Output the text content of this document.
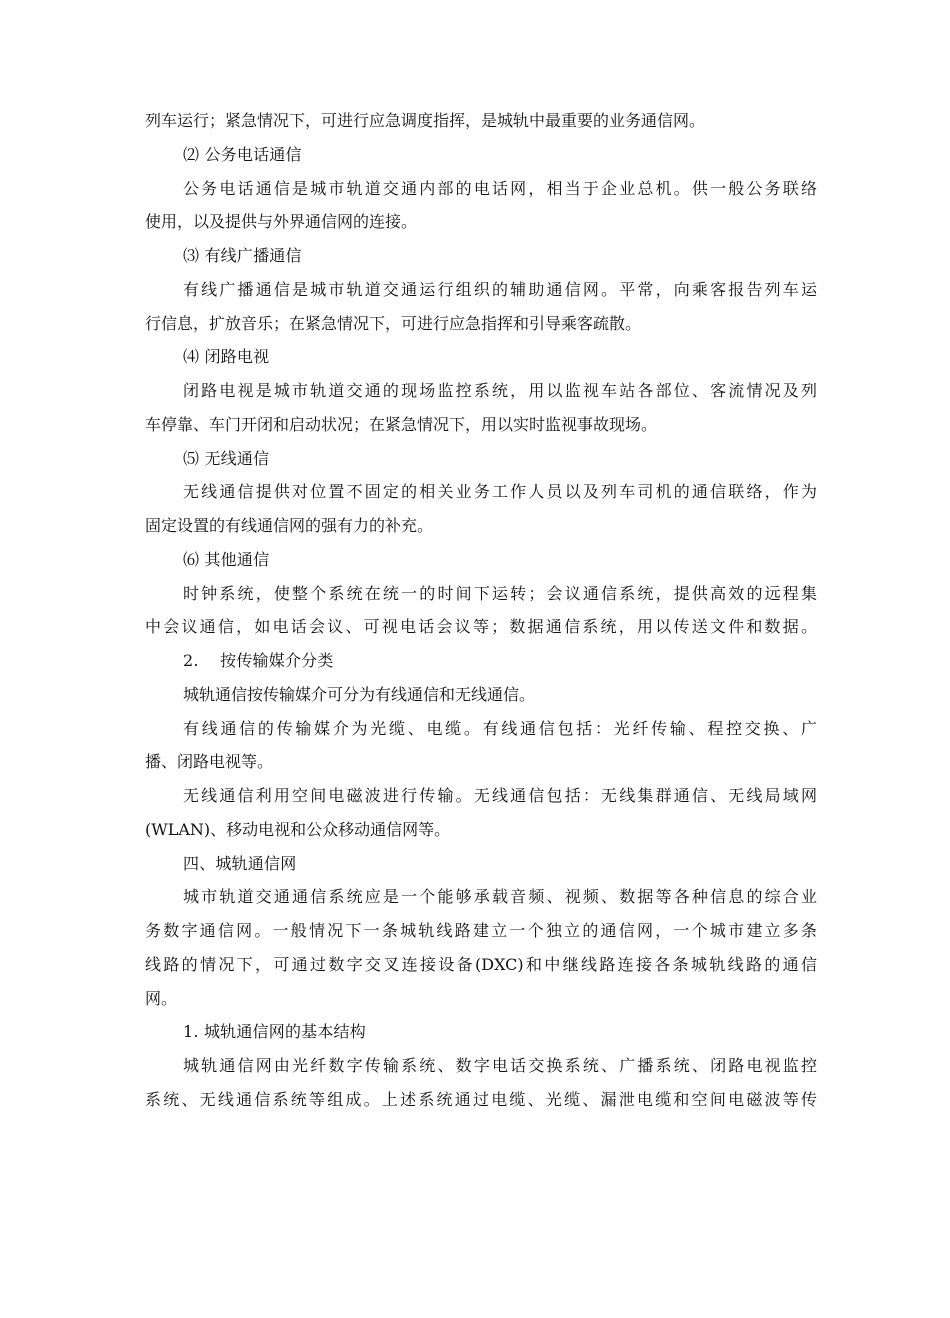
列车运行；紧急情况下，可进行应急调度指挥，是城轨中最重要的业务通信网。
⑵ 公务电话通信
公务电话通信是城市轨道交通内部的电话网，相当于企业总机。供一般公务联络
使用，以及提供与外界通信网的连接。
⑶ 有线广播通信
有线广播通信是城市轨道交通运行组织的辅助通信网。平常，向乘客报告列车运
行信息，扩放音乐；在紧急情况下，可进行应急指挥和引导乘客疏散。
⑷ 闭路电视
闭路电视是城市轨道交通的现场监控系统，用以监视车站各部位、客流情况及列
车停靠、车门开闭和启动状况；在紧急情况下，用以实时监视事故现场。
⑸ 无线通信
无线通信提供对位置不固定的相关业务工作人员以及列车司机的通信联络，作为
固定设置的有线通信网的强有力的补充。
⑹ 其他通信
时钟系统，使整个系统在统一的时间下运转；会议通信系统，提供高效的远程集
中会议通信，如电话会议、可视电话会议等；数据通信系统，用以传送文件和数据。
2.　 按传输媒介分类
城轨通信按传输媒介可分为有线通信和无线通信。
有线通信的传输媒介为光缆、电缆。有线通信包括：光纤传输、程控交换、广
播、闭路电视等。
无线通信利用空间电磁波进行传输。无线通信包括：无线集群通信、无线局域网
(WLAN)、移动电视和公众移动通信网等。
四、城轨通信网
城市轨道交通通信系统应是一个能够承载音频、视频、数据等各种信息的综合业
务数字通信网。一般情况下一条城轨线路建立一个独立的通信网，一个城市建立多条
线路的情况下，可通过数字交叉连接设备(DXC)和中继线路连接各条城轨线路的通信
网。
1. 城轨通信网的基本结构
城轨通信网由光纤数字传输系统、数字电话交换系统、广播系统、闭路电视监控
系统、无线通信系统等组成。上述系统通过电缆、光缆、漏泄电缆和空间电磁波等传
